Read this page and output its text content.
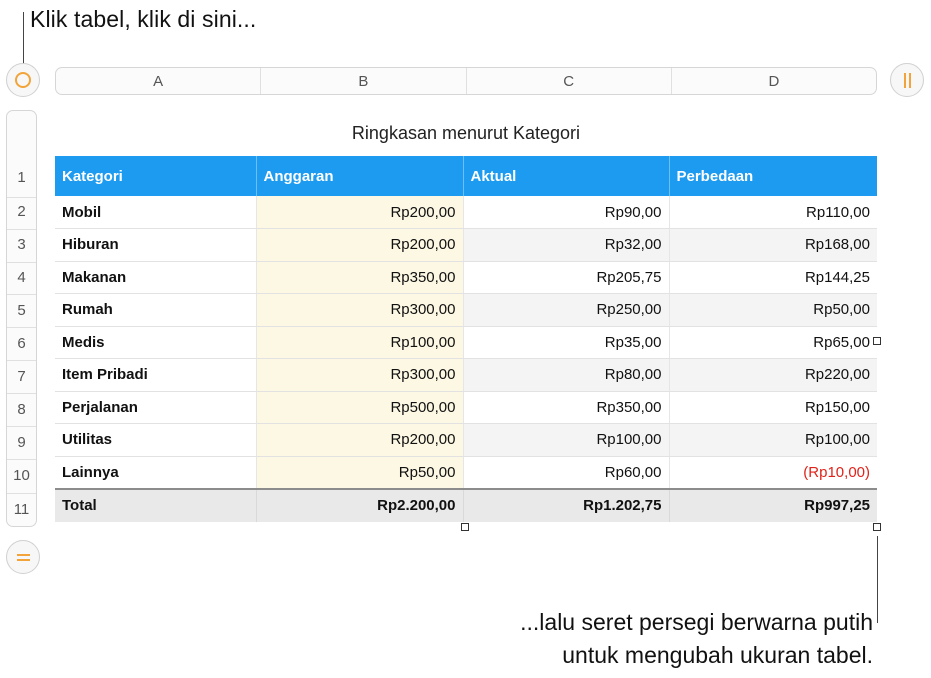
Klik tabel, klik di sini...
A	B	C	D
1
2
3
4
5
6
7
8
9
10
11
Ringkasan menurut Kategori
Kategori	Anggaran	Aktual	Perbedaan
Mobil	Rp200,00	Rp90,00	Rp110,00
Hiburan	Rp200,00	Rp32,00	Rp168,00
Makanan	Rp350,00	Rp205,75	Rp144,25
Rumah	Rp300,00	Rp250,00	Rp50,00
Medis	Rp100,00	Rp35,00	Rp65,00
Item Pribadi	Rp300,00	Rp80,00	Rp220,00
Perjalanan	Rp500,00	Rp350,00	Rp150,00
Utilitas	Rp200,00	Rp100,00	Rp100,00
Lainnya	Rp50,00	Rp60,00	(Rp10,00)
Total	Rp2.200,00	Rp1.202,75	Rp997,25
...lalu seret persegi berwarna putih
untuk mengubah ukuran tabel.
